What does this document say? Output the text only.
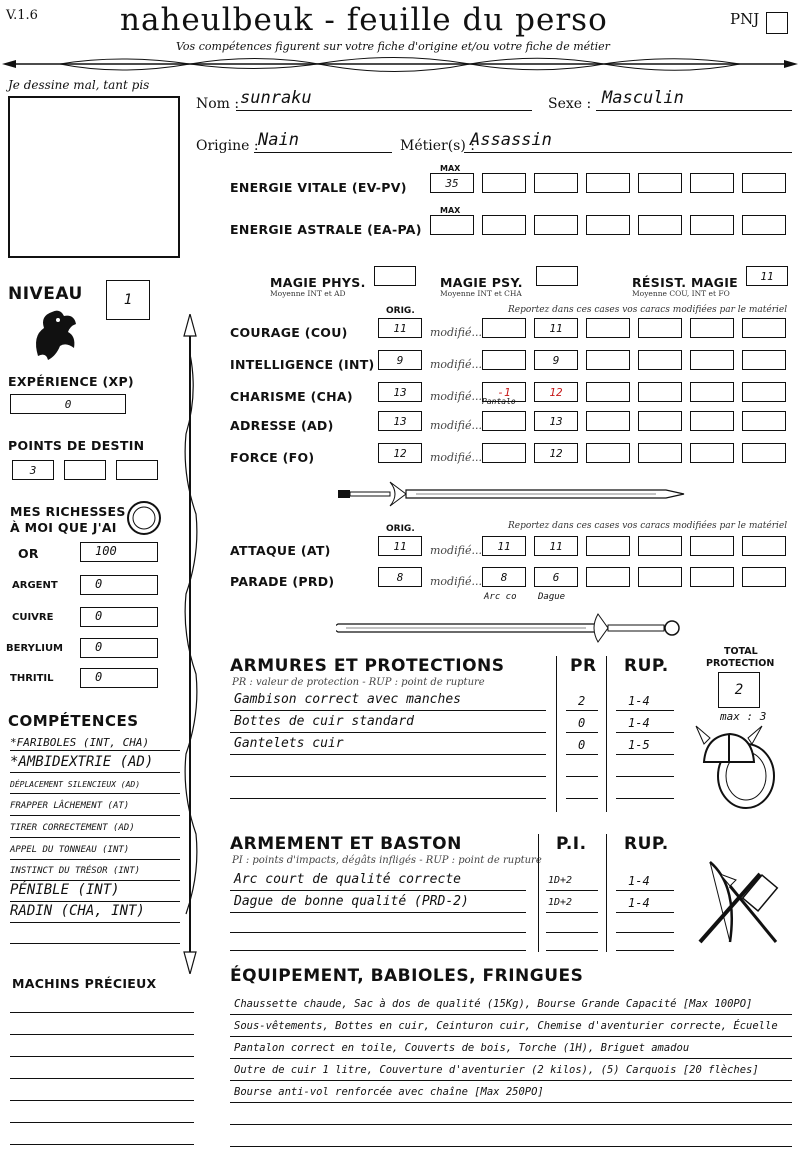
V.1.6	naheulbeuk - feuille du perso
Vos compétences figurent sur votre fiche d'origine et/ou votre fiche de métier
PNJ
Je dessine mal, tant pis
Nom : sunraku	Sexe : Masculin
Origine : Nain	Métier(s) :
Assassin
MAX
ENERGIE VITALE (EV-PV)	35
MAX
ENERGIE ASTRALE (EA-PA)
MAGIE PHYS.
Moyenne INT et AD
MAGIE PSY.
Moyenne INT et CHA
RÉSIST. MAGIE
Moyenne COU, INT et FO
11
NIVEAU	1
EXPÉRIENCE (XP)
0
POINTS DE DESTIN
3
MES RICHESSES
À MOI QUE J'AI
OR	100
ARGENT	0
CUIVRE	0
BERYLIUM	0
THRITIL	0
COMPÉTENCES
*FARIBOLES (INT, CHA)
*AMBIDEXTRIE (AD)
DÉPLACEMENT SILENCIEUX (AD)
FRAPPER LÂCHEMENT (AT)
TIRER CORRECTEMENT (AD)
APPEL DU TONNEAU (INT)
INSTINCT DU TRÉSOR (INT)
PÉNIBLE (INT)
RADIN (CHA, INT)
MACHINS PRÉCIEUX
ORIG.	Reportez dans ces cases vos caracs modifiées par le matériel
COURAGE (COU)	11	modifié...	11
INTELLIGENCE (INT)	9	modifié...	9
CHARISME (CHA)	13	modifié...	-1	12
Pantalo
ADRESSE (AD)	13	modifié...	13
FORCE (FO)	12	modifié...	12
ORIG.	Reportez dans ces cases vos caracs modifiées par le matériel
ATTAQUE (AT)	11	modifié...	11	11
PARADE (PRD)	8	modifié...	8	6
Arc co Dague
ARMURES ET PROTECTIONS
PR : valeur de protection - RUP : point de rupture
PR RUP.
Gambison correct avec manches	2	1-4
Bottes de cuir standard	0	1-4
Gantelets cuir	0	1-5
TOTAL
PROTECTION
2
max : 3
ARMEMENT ET BASTON
PI : points d'impacts, dégâts infligés - RUP : point de rupture
P.I. RUP.
Arc court de qualité correcte	1D+2	1-4
Dague de bonne qualité (PRD-2)	1D+2	1-4
ÉQUIPEMENT, BABIOLES, FRINGUES
Chaussette chaude, Sac à dos de qualité (15Kg), Bourse Grande Capacité [Max 100PO]
Sous-vêtements, Bottes en cuir, Ceinturon cuir, Chemise d'aventurier correcte, Écuelle
Pantalon correct en toile, Couverts de bois, Torche (1H), Briguet amadou
Outre de cuir 1 litre, Couverture d'aventurier (2 kilos), (5) Carquois [20 flèches]
Bourse anti-vol renforcée avec chaîne [Max 250PO]
